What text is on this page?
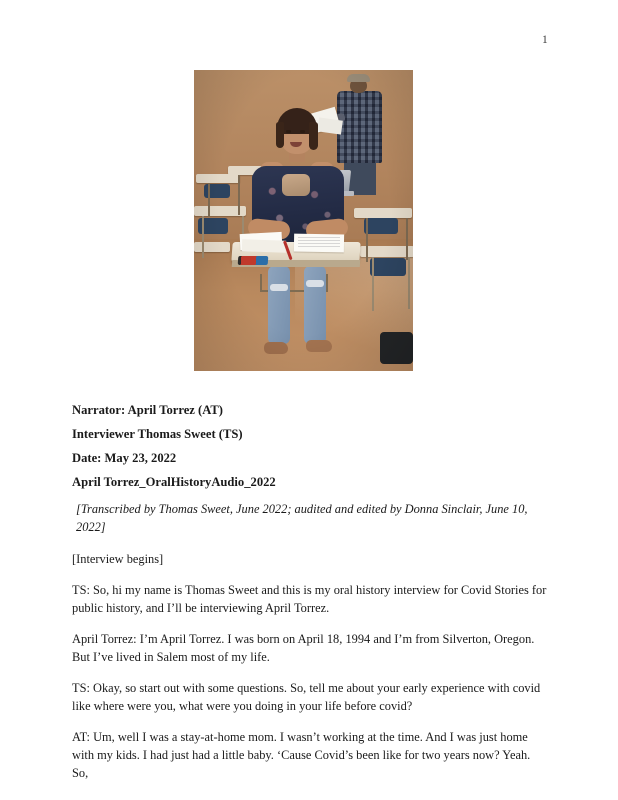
1

Narrator: April Torrez (AT)

Interviewer Thomas Sweet (TS)

Date: May 23, 2022

April Torrez_OralHistoryAudio_2022

[Transcribed by Thomas Sweet, June 2022; audited and edited by Donna Sinclair, June 10, 2022]

[Interview begins]

TS: So, hi my name is Thomas Sweet and this is my oral history interview for Covid Stories for public history, and I’ll be interviewing April Torrez.

April Torrez: I’m April Torrez. I was born on April 18, 1994 and I’m from Silverton, Oregon. But I’ve lived in Salem most of my life.

TS: Okay, so start out with some questions. So, tell me about your early experience with covid like where were you, what were you doing in your life before covid?

AT: Um, well I was a stay-at-home mom. I wasn’t working at the time. And I was just home with my kids. I had just had a little baby. ‘Cause Covid’s been like for two years now? Yeah. So,
